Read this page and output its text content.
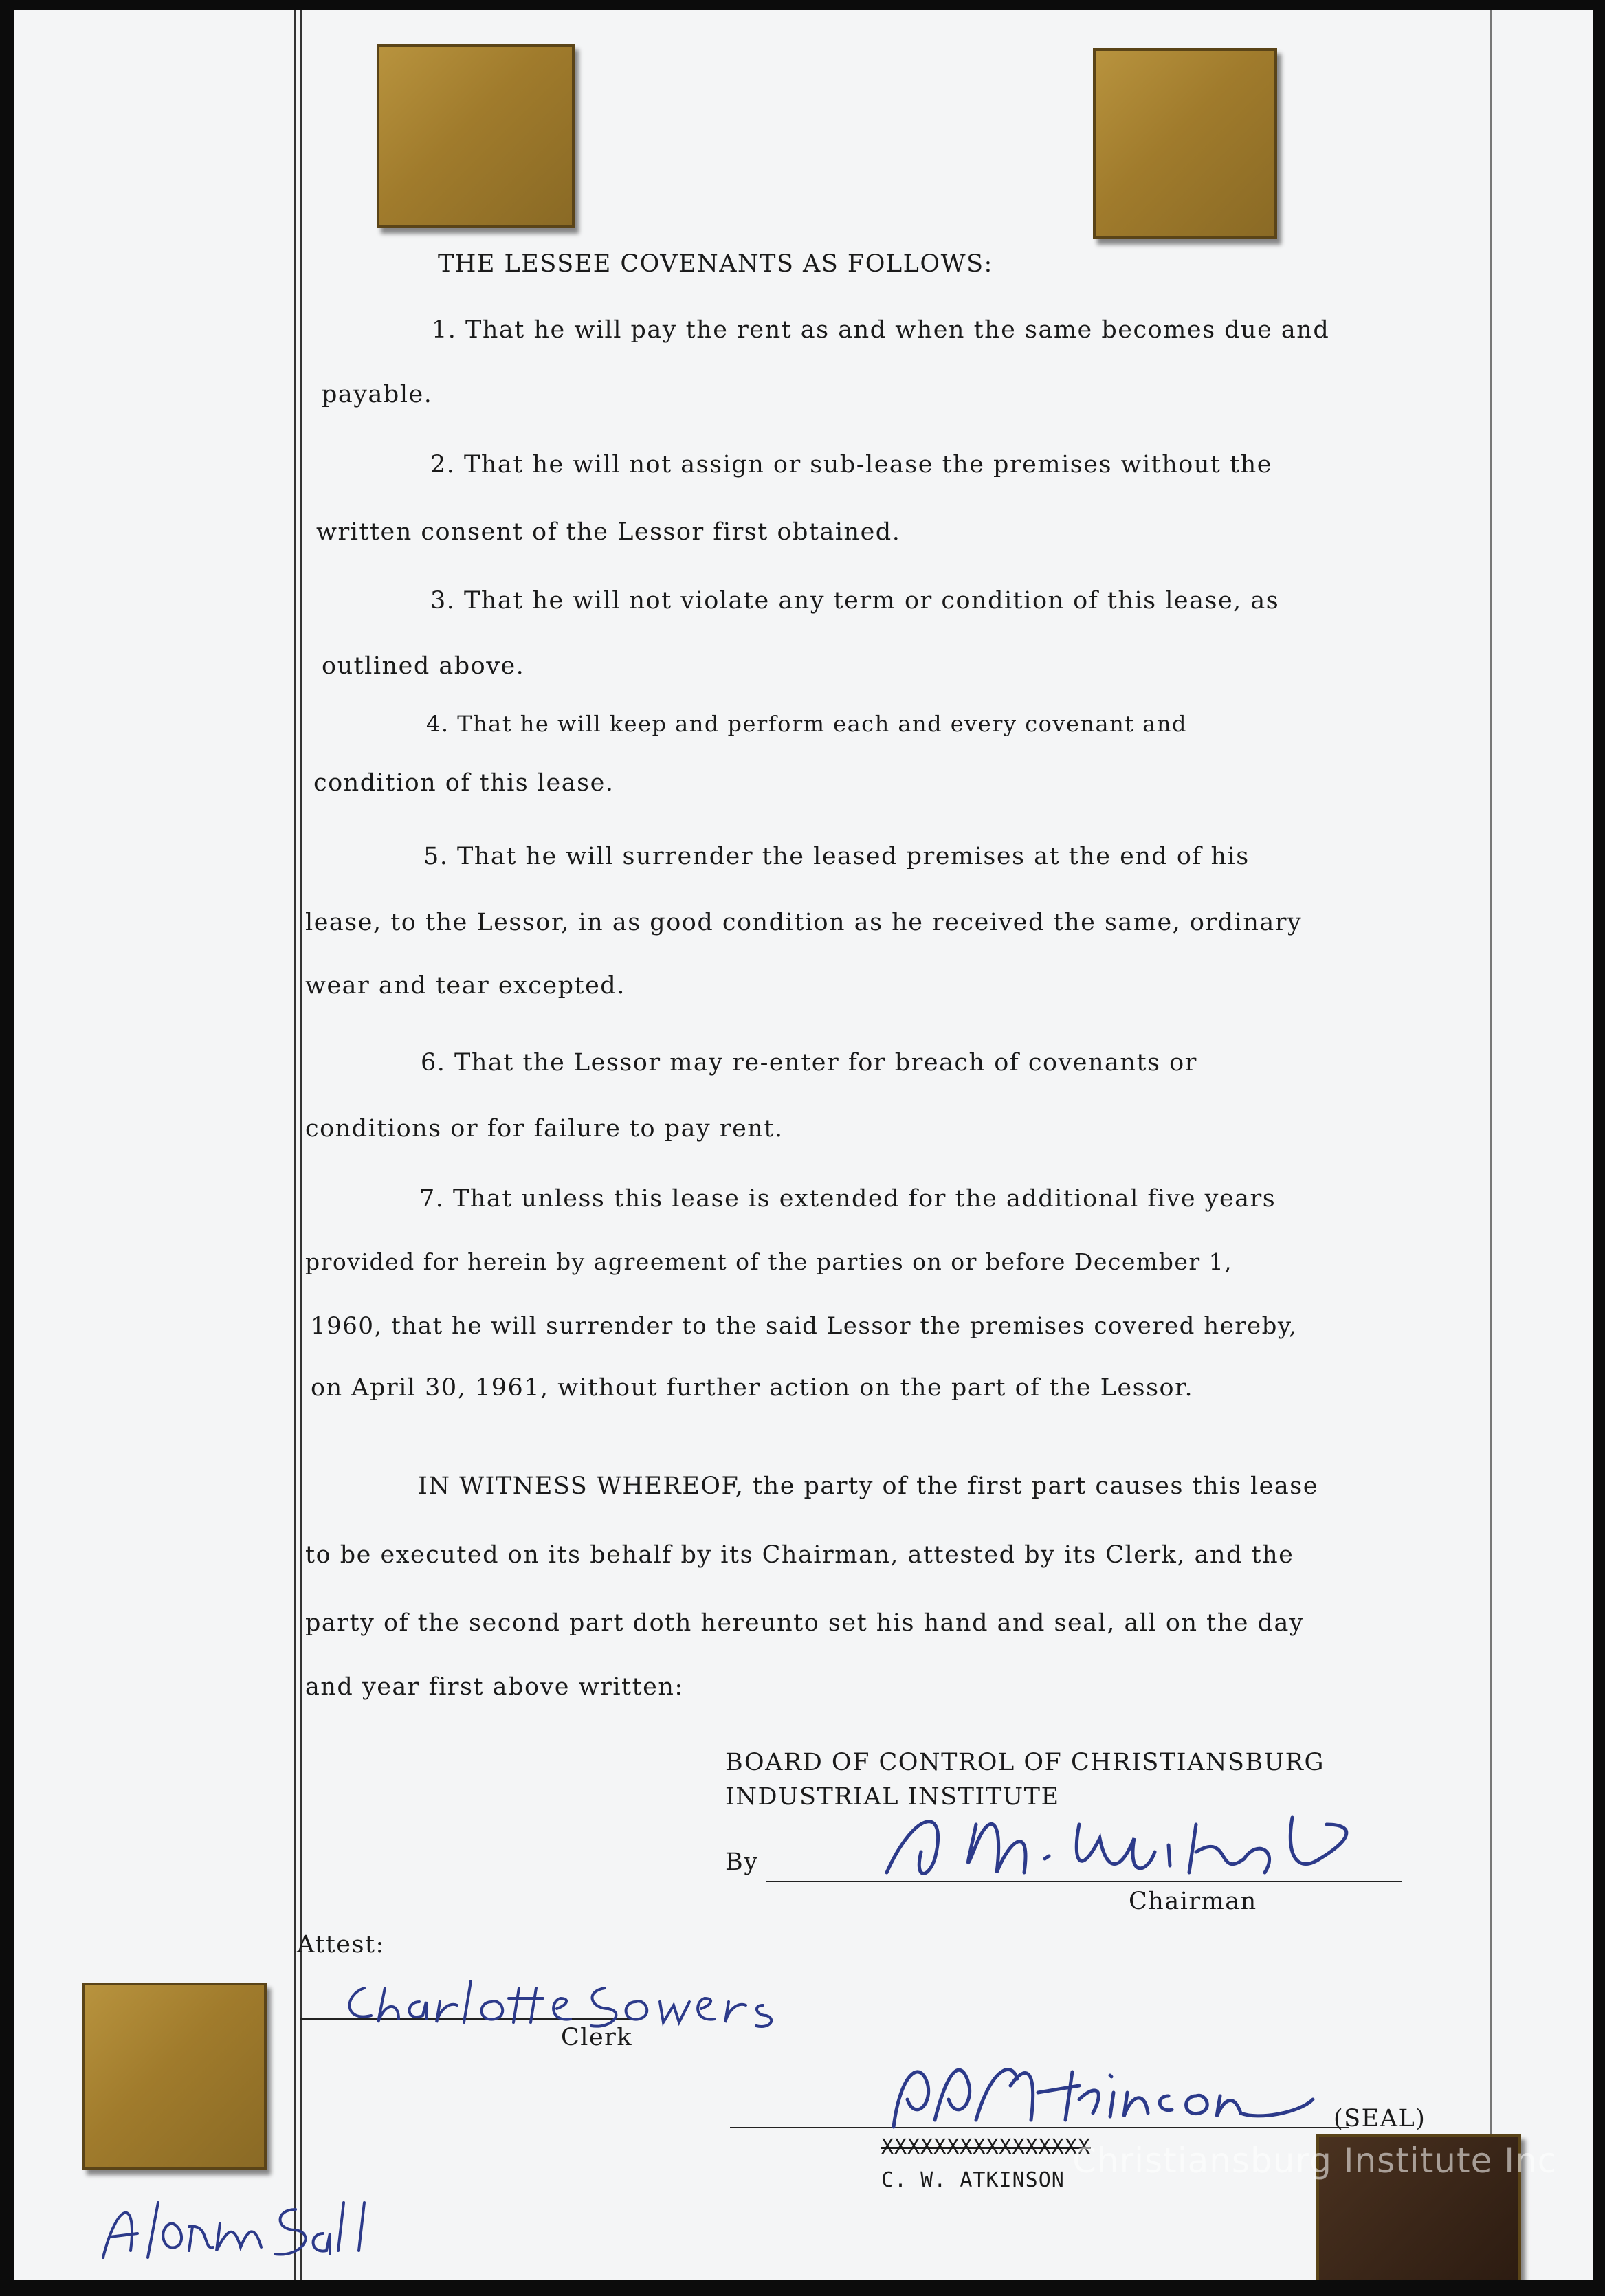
THE LESSEE COVENANTS AS FOLLOWS:
1. That he will pay the rent as and when the same becomes due and
payable.
2. That he will not assign or sub-lease the premises without the
written consent of the Lessor first obtained.
3. That he will not violate any term or condition of this lease, as
outlined above.
4. That he will keep and perform each and every covenant and
condition of this lease.
5. That he will surrender the leased premises at the end of his
lease, to the Lessor, in as good condition as he received the same, ordinary
wear and tear excepted.
6. That the Lessor may re-enter for breach of covenants or
conditions or for failure to pay rent.
7. That unless this lease is extended for the additional five years
provided for herein by agreement of the parties on or before December 1,
1960, that he will surrender to the said Lessor the premises covered hereby,
on April 30, 1961, without further action on the part of the Lessor.
IN WITNESS WHEREOF, the party of the first part causes this lease
to be executed on its behalf by its Chairman, attested by its Clerk, and the
party of the second part doth hereunto set his hand and seal, all on the day
and year first above written:
BOARD OF CONTROL OF CHRISTIANSBURG
INDUSTRIAL INSTITUTE
By
Chairman
Attest:
Clerk
(SEAL)
XXXXXXXXXXXXXXXX
C. W. ATKINSON Christiansburg Institute Inc
